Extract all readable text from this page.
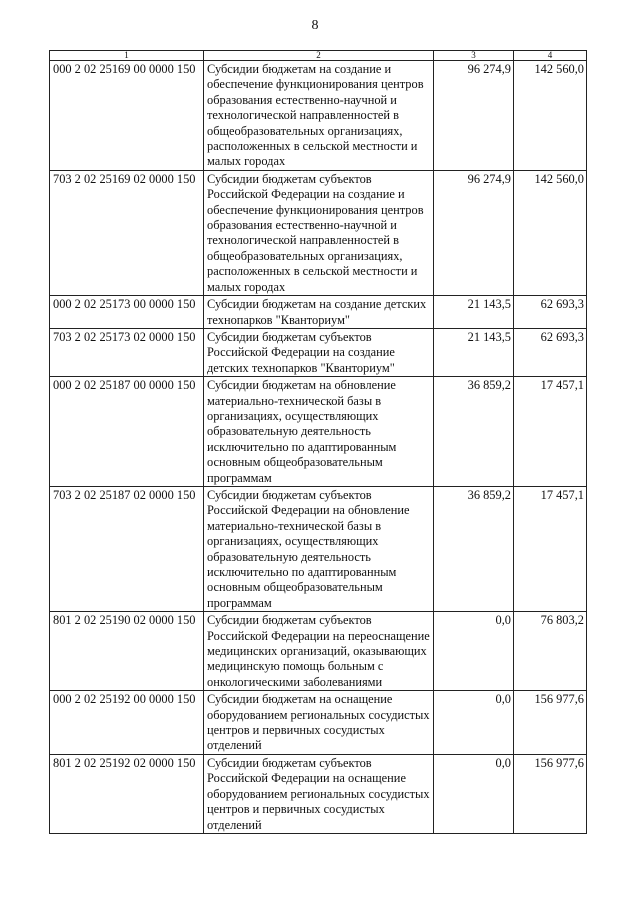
8
1	2	3	4
000 2 02 25169 00 0000 150	Субсидии бюджетам на создание и обеспечение функционирования центров образования естественно-научной и технологической направленностей в общеобразовательных организациях, расположенных в сельской местности и малых городах	96 274,9	142 560,0
703 2 02 25169 02 0000 150	Субсидии бюджетам субъектов Российской Федерации на создание и обеспечение функционирования центров образования естественно-научной и технологической направленностей в общеобразовательных организациях, расположенных в сельской местности и малых городах	96 274,9	142 560,0
000 2 02 25173 00 0000 150	Субсидии бюджетам на создание детских технопарков "Кванториум"	21 143,5	62 693,3
703 2 02 25173 02 0000 150	Субсидии бюджетам субъектов Российской Федерации на создание детских технопарков "Кванториум"	21 143,5	62 693,3
000 2 02 25187 00 0000 150	Субсидии бюджетам на обновление материально-технической базы в организациях, осуществляющих образовательную деятельность исключительно по адаптированным основным общеобразовательным программам	36 859,2	17 457,1
703 2 02 25187 02 0000 150	Субсидии бюджетам субъектов Российской Федерации на обновление материально-технической базы в организациях, осуществляющих образовательную деятельность исключительно по адаптированным основным общеобразовательным программам	36 859,2	17 457,1
801 2 02 25190 02 0000 150	Субсидии бюджетам субъектов Российской Федерации на переоснащение медицинских организаций, оказывающих медицинскую помощь больным с онкологическими заболеваниями	0,0	76 803,2
000 2 02 25192 00 0000 150	Субсидии бюджетам на оснащение оборудованием региональных сосудистых центров и первичных сосудистых отделений	0,0	156 977,6
801 2 02 25192 02 0000 150	Субсидии бюджетам субъектов Российской Федерации на оснащение оборудованием региональных сосудистых центров и первичных сосудистых отделений	0,0	156 977,6
